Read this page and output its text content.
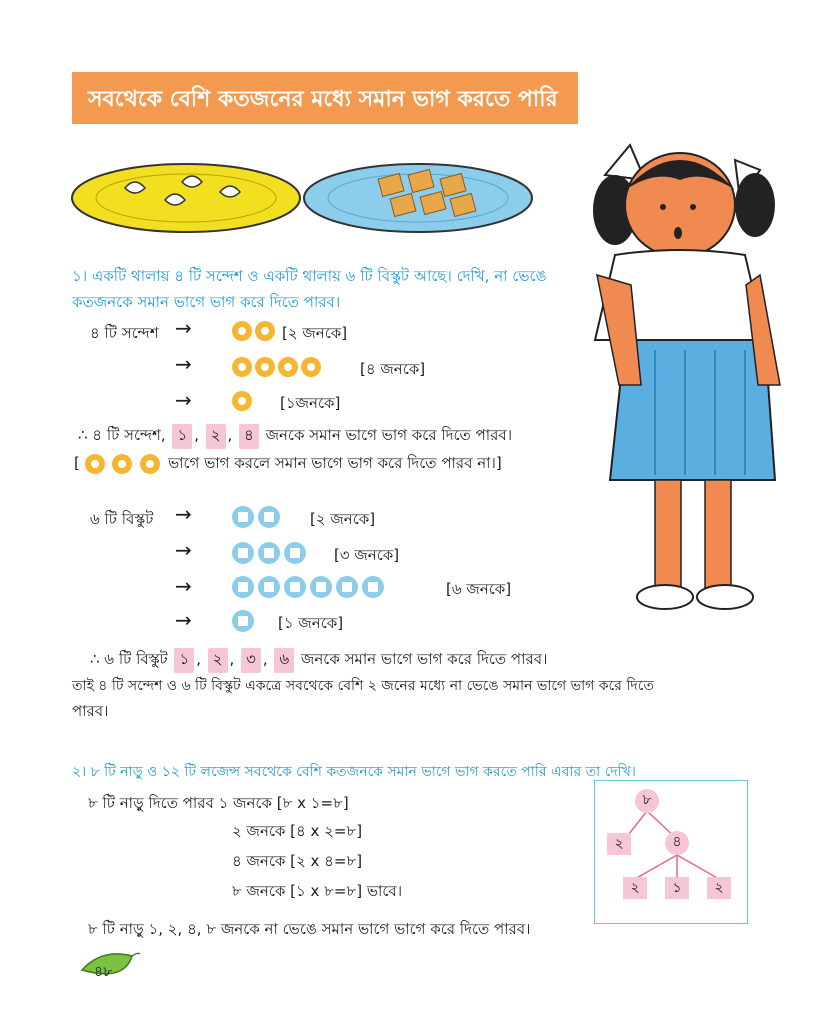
সবথেকে বেশি কতজনের মধ্যে সমান ভাগ করতে পারি
১। একটি থালায় ৪ টি সন্দেশ ও একটি থালায় ৬ টি বিস্কুট আছে। দেখি, না ভেঙে
কতজনকে সমান ভাগে ভাগ করে দিতে পারব।
৪ টি সন্দেশ →	[২ জনকে]
→	[৪ জনকে]
→	[১জনকে]
∴ ৪ টি সন্দেশ, ১ , ২ , ৪ জনকে সমান ভাগে ভাগ করে দিতে পারব।
[	ভাগে ভাগ করলে সমান ভাগে ভাগ করে দিতে পারব না।]
৬ টি বিস্কুট →	[২ জনকে]
→	[৩ জনকে]
→	[৬ জনকে]
→	[১ জনকে]
∴ ৬ টি বিস্কুট ১ , ২ , ৩ , ৬ জনকে সমান ভাগে ভাগ করে দিতে পারব।
তাই ৪ টি সন্দেশ ও ৬ টি বিস্কুট একত্রে সবথেকে বেশি ২ জনের মধ্যে না ভেঙে সমান ভাগে ভাগ করে দিতে
পারব।
২। ৮ টি নাড়ু ও ১২ টি লজেন্স সবথেকে বেশি কতজনকে সমান ভাগে ভাগ করতে পারি এবার তা দেখি।
৮ টি নাড়ু দিতে পারব ১ জনকে [৮ x ১=৮]
২ জনকে [৪ x ২=৮]
৪ জনকে [২ x ৪=৮]
৮ জনকে [১ x ৮=৮] ভাবে।
৮ টি নাড়ু ১, ২, ৪, ৮ জনকে না ভেঙে সমান ভাগে ভাগে করে দিতে পারব।
৮
২	৪
২	১	২
৪৮
